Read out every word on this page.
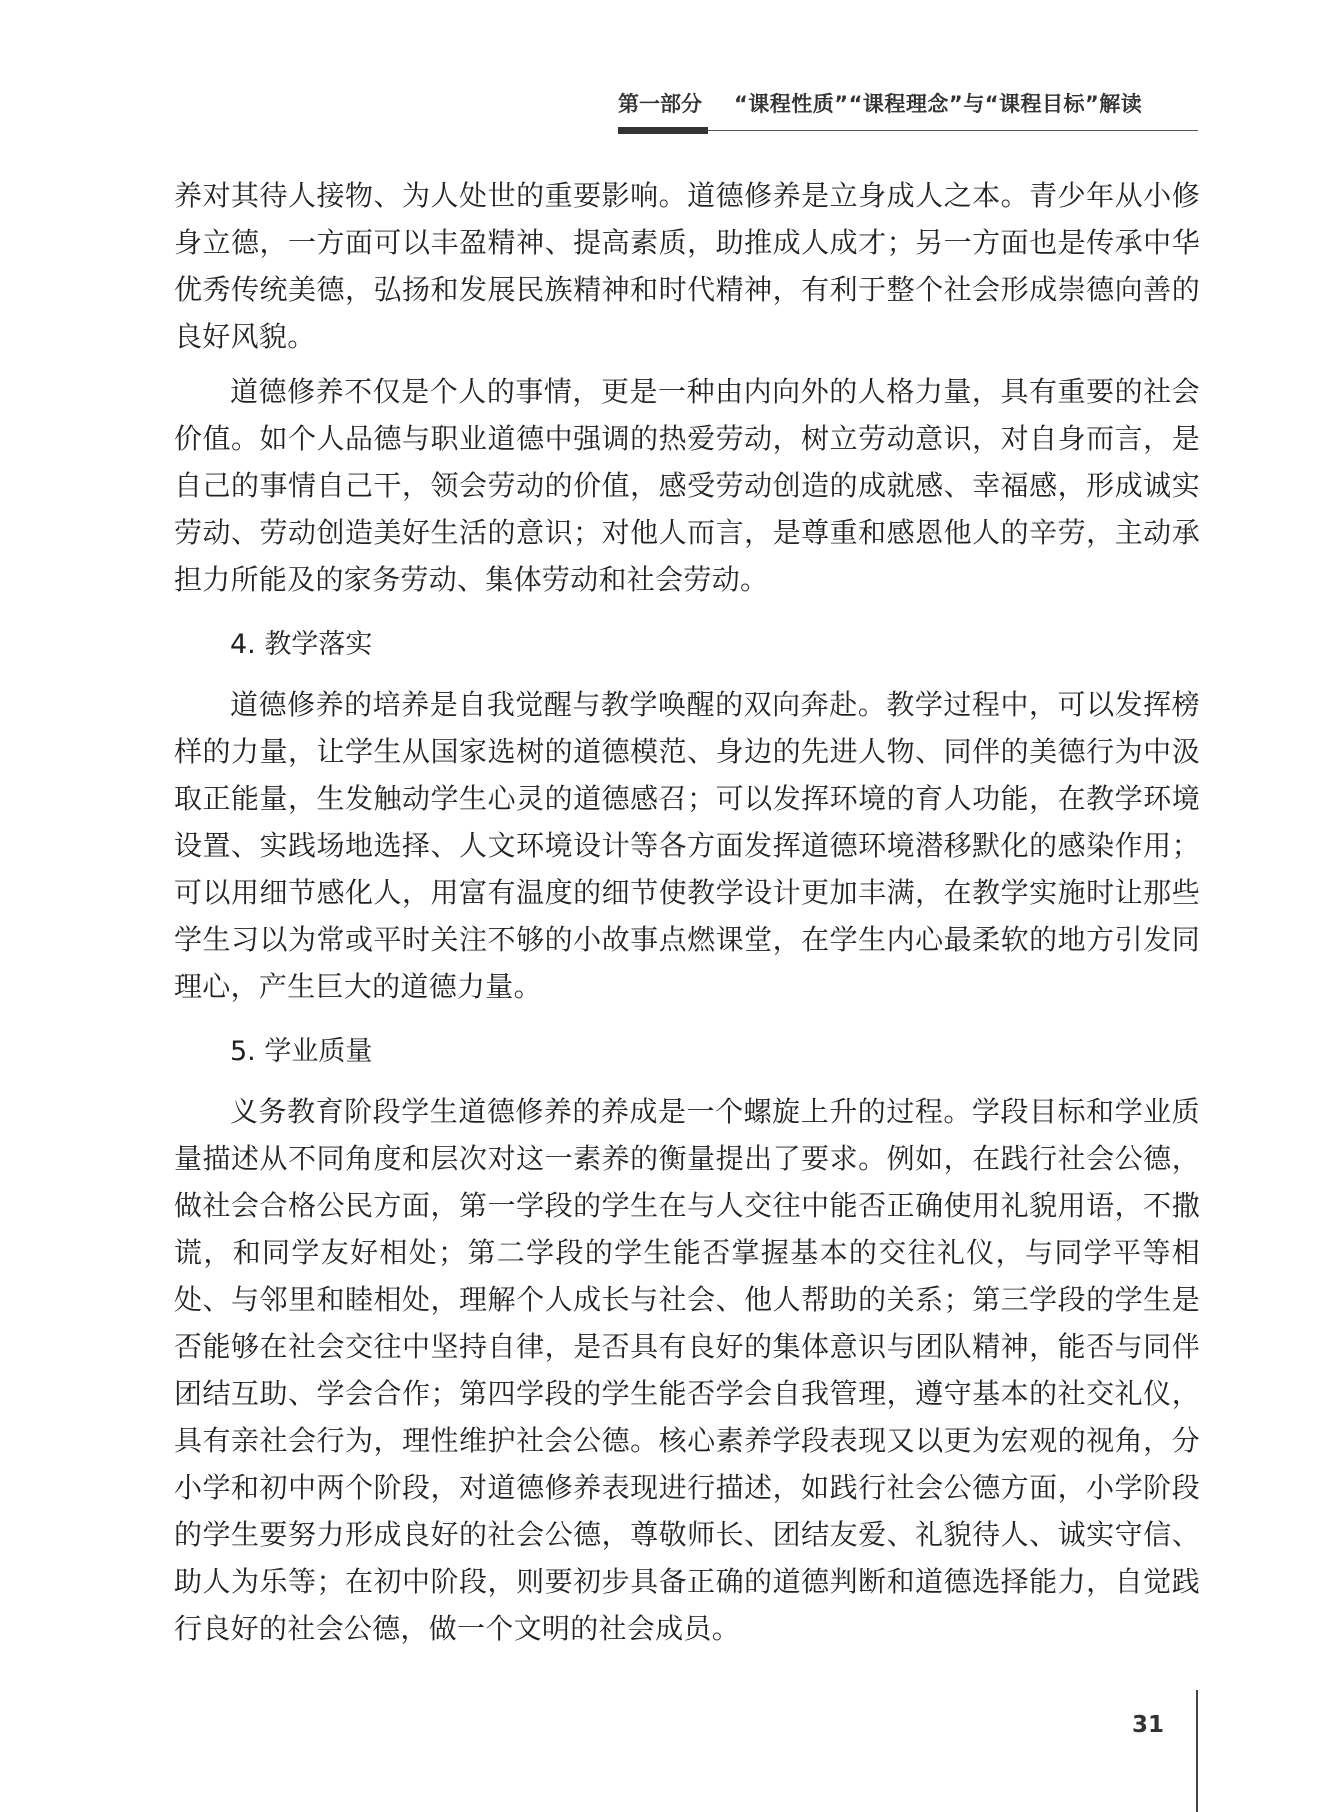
第一部分 “课程性质”“课程理念”与“课程目标”解读

养对其待人接物、为人处世的重要影响。道德修养是立身成人之本。青少年从小修身立德，一方面可以丰盈精神、提高素质，助推成人成才；另一方面也是传承中华优秀传统美德，弘扬和发展民族精神和时代精神，有利于整个社会形成崇德向善的良好风貌。

道德修养不仅是个人的事情，更是一种由内向外的人格力量，具有重要的社会价值。如个人品德与职业道德中强调的热爱劳动，树立劳动意识，对自身而言，是自己的事情自己干，领会劳动的价值，感受劳动创造的成就感、幸福感，形成诚实劳动、劳动创造美好生活的意识；对他人而言，是尊重和感恩他人的辛劳，主动承担力所能及的家务劳动、集体劳动和社会劳动。

4. 教学落实

道德修养的培养是自我觉醒与教学唤醒的双向奔赴。教学过程中，可以发挥榜样的力量，让学生从国家选树的道德模范、身边的先进人物、同伴的美德行为中汲取正能量，生发触动学生心灵的道德感召；可以发挥环境的育人功能，在教学环境设置、实践场地选择、人文环境设计等各方面发挥道德环境潜移默化的感染作用；可以用细节感化人，用富有温度的细节使教学设计更加丰满，在教学实施时让那些学生习以为常或平时关注不够的小故事点燃课堂，在学生内心最柔软的地方引发同理心，产生巨大的道德力量。

5. 学业质量

义务教育阶段学生道德修养的养成是一个螺旋上升的过程。学段目标和学业质量描述从不同角度和层次对这一素养的衡量提出了要求。例如，在践行社会公德，做社会合格公民方面，第一学段的学生在与人交往中能否正确使用礼貌用语，不撒谎，和同学友好相处；第二学段的学生能否掌握基本的交往礼仪，与同学平等相处、与邻里和睦相处，理解个人成长与社会、他人帮助的关系；第三学段的学生是否能够在社会交往中坚持自律，是否具有良好的集体意识与团队精神，能否与同伴团结互助、学会合作；第四学段的学生能否学会自我管理，遵守基本的社交礼仪，具有亲社会行为，理性维护社会公德。核心素养学段表现又以更为宏观的视角，分小学和初中两个阶段，对道德修养表现进行描述，如践行社会公德方面，小学阶段的学生要努力形成良好的社会公德，尊敬师长、团结友爱、礼貌待人、诚实守信、助人为乐等；在初中阶段，则要初步具备正确的道德判断和道德选择能力，自觉践行良好的社会公德，做一个文明的社会成员。

31
